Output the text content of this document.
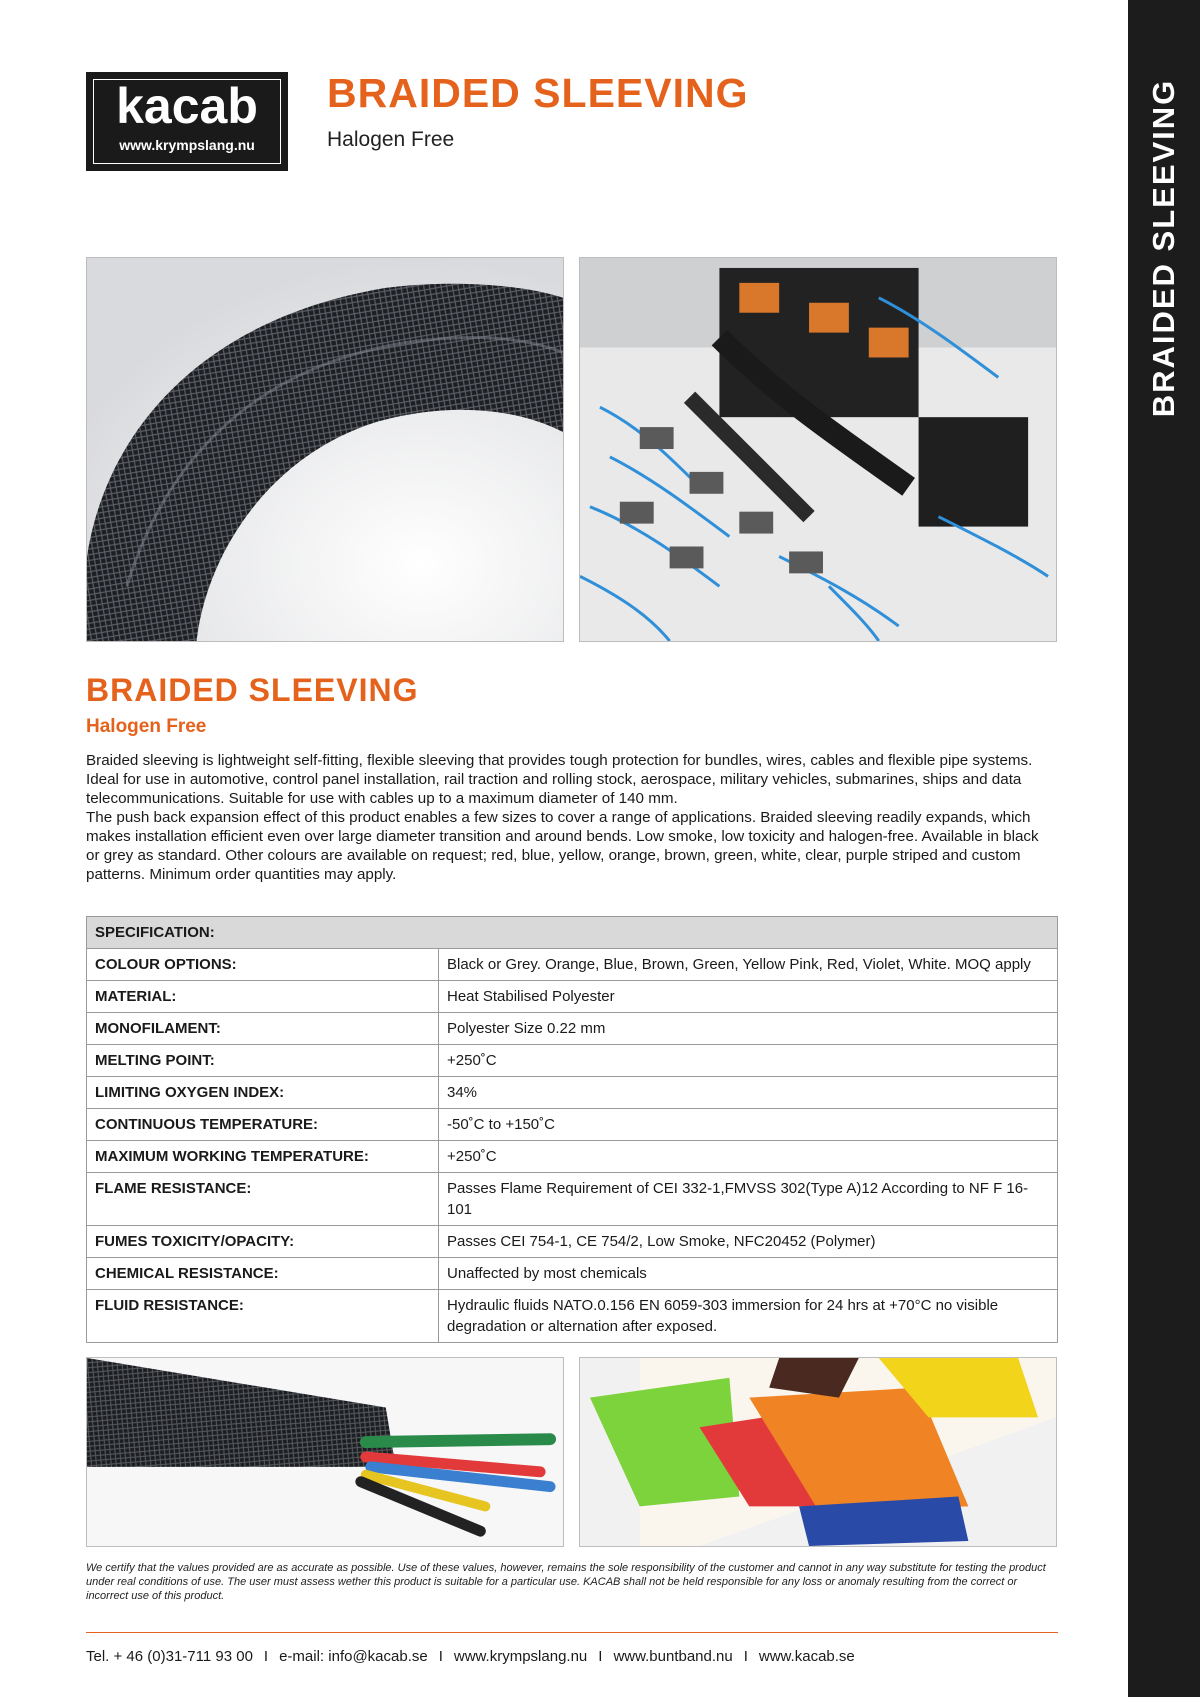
BRAIDED SLEEVING
kacab
www.krympslang.nu
BRAIDED SLEEVING
Halogen Free
BRAIDED SLEEVING
Halogen Free

Braided sleeving is lightweight self-fitting, flexible sleeving that provides tough protection for bundles, wires, cables and flexible pipe systems. Ideal for use in automotive, control panel installation, rail traction and rolling stock, aerospace, military vehicles, submarines, ships and data telecommunications. Suitable for use with cables up to a maximum diameter of 140 mm.

The push back expansion effect of this product enables a few sizes to cover a range of applications. Braided sleeving readily expands, which makes installation efficient even over large diameter transition and around bends. Low smoke, low toxicity and halogen-free. Available in black or grey as standard. Other colours are available on request; red, blue, yellow, orange, brown, green, white, clear, purple striped and custom patterns. Minimum order quantities may apply.

SPECIFICATION:	
COLOUR OPTIONS:	Black or Grey. Orange, Blue, Brown, Green, Yellow Pink, Red, Violet, White. MOQ apply
MATERIAL:	Heat Stabilised Polyester
MONOFILAMENT:	Polyester Size 0.22 mm
MELTING POINT:	+250˚C
LIMITING OXYGEN INDEX:	34%
CONTINUOUS TEMPERATURE:	-50˚C to +150˚C
MAXIMUM WORKING TEMPERATURE:	+250˚C
FLAME RESISTANCE:	Passes Flame Requirement of CEI 332-1,FMVSS 302(Type A)12 According to NF F 16-101
FUMES TOXICITY/OPACITY:	Passes CEI 754-1, CE 754/2, Low Smoke, NFC20452 (Polymer)
CHEMICAL RESISTANCE:	Unaffected by most chemicals
FLUID RESISTANCE:	Hydraulic fluids NATO.0.156 EN 6059-303 immersion for 24 hrs at +70°C no visible degradation or alternation after exposed.
We certify that the values provided are as accurate as possible. Use of these values, however, remains the sole responsibility of the customer and cannot in any way substitute for testing the product under real conditions of use. The user must assess wether this product is suitable for a particular use. KACAB shall not be held responsible for any loss or anomaly resulting from the correct or incorrect use of this product.
Tel. + 46 (0)31-711 93 00 I e-mail: info@kacab.se I www.krympslang.nu I www.buntband.nu I www.kacab.se
